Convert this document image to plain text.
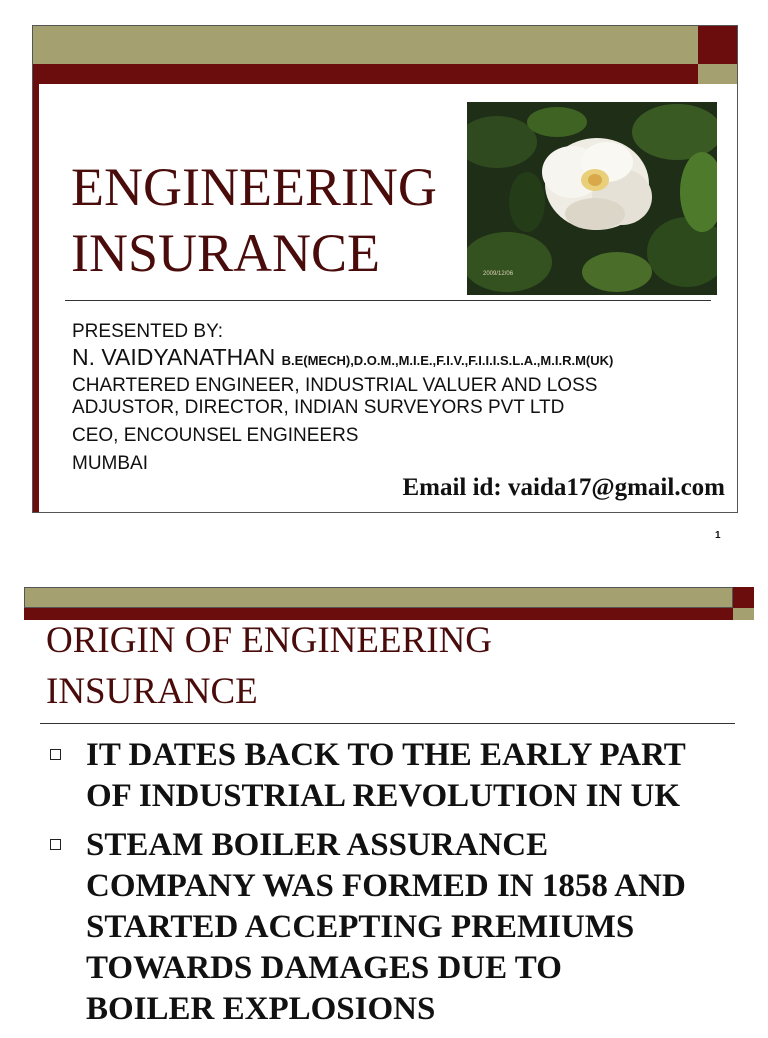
ENGINEERING
INSURANCE	2009/12/06
PRESENTED BY:
N. VAIDYANATHAN B.E(MECH),D.O.M.,M.I.E.,F.I.V.,F.I.I.I.S.L.A.,M.I.R.M(UK)
CHARTERED ENGINEER, INDUSTRIAL VALUER AND LOSS
ADJUSTOR, DIRECTOR, INDIAN SURVEYORS PVT LTD
CEO, ENCOUNSEL ENGINEERS
MUMBAI
Email id: vaida17@gmail.com
1
ORIGIN OF ENGINEERING
INSURANCE
IT DATES BACK TO THE EARLY PART
OF INDUSTRIAL REVOLUTION IN UK
STEAM BOILER ASSURANCE
COMPANY WAS FORMED IN 1858 AND
STARTED ACCEPTING PREMIUMS
TOWARDS DAMAGES DUE TO
BOILER EXPLOSIONS
